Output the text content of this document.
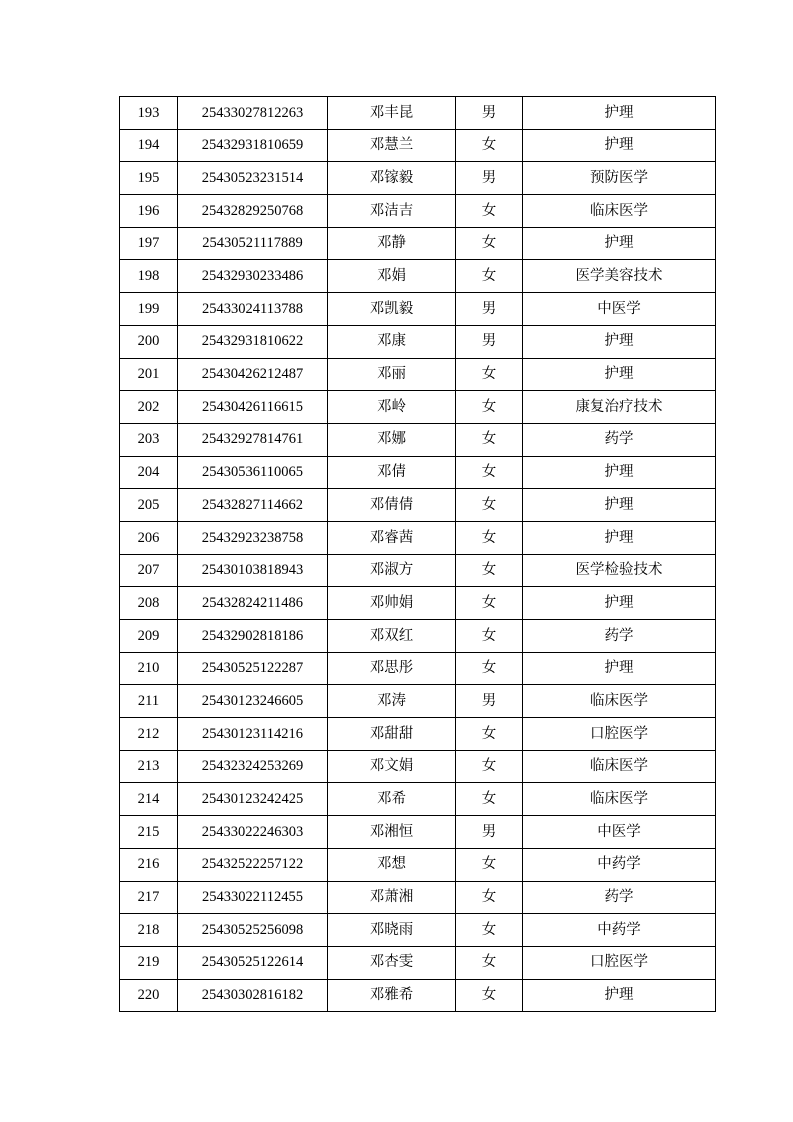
193	25433027812263	邓丰昆	男	护理
194	25432931810659	邓慧兰	女	护理
195	25430523231514	邓镓毅	男	预防医学
196	25432829250768	邓洁吉	女	临床医学
197	25430521117889	邓静	女	护理
198	25432930233486	邓娟	女	医学美容技术
199	25433024113788	邓凯毅	男	中医学
200	25432931810622	邓康	男	护理
201	25430426212487	邓丽	女	护理
202	25430426116615	邓岭	女	康复治疗技术
203	25432927814761	邓娜	女	药学
204	25430536110065	邓倩	女	护理
205	25432827114662	邓倩倩	女	护理
206	25432923238758	邓睿茜	女	护理
207	25430103818943	邓淑方	女	医学检验技术
208	25432824211486	邓帅娟	女	护理
209	25432902818186	邓双红	女	药学
210	25430525122287	邓思彤	女	护理
211	25430123246605	邓涛	男	临床医学
212	25430123114216	邓甜甜	女	口腔医学
213	25432324253269	邓文娟	女	临床医学
214	25430123242425	邓希	女	临床医学
215	25433022246303	邓湘恒	男	中医学
216	25432522257122	邓想	女	中药学
217	25433022112455	邓萧湘	女	药学
218	25430525256098	邓晓雨	女	中药学
219	25430525122614	邓杏雯	女	口腔医学
220	25430302816182	邓雅希	女	护理
